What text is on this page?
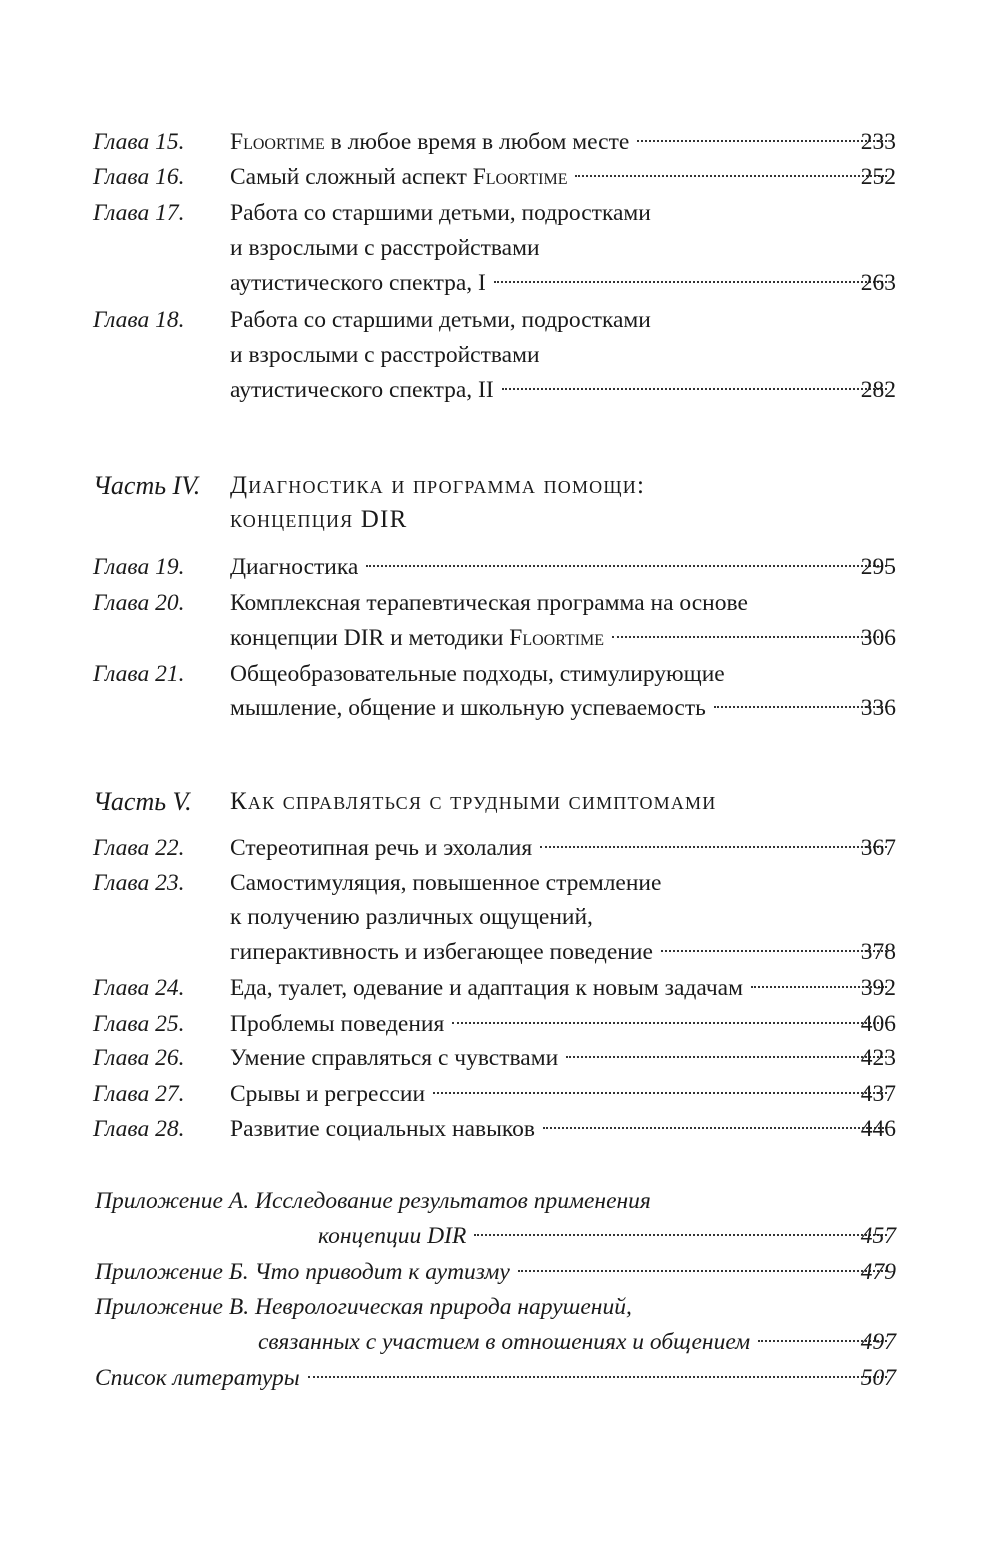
Глава 15. Floortime в любое время в любом месте	233
Глава 16. Самый сложный аспект Floortime	252
Глава 17. Работа со старшими детьми, подростками
и взрослыми с расстройствами
аутистического спектра, I	263
Глава 18. Работа со старшими детьми, подростками
и взрослыми с расстройствами
аутистического спектра, II	282
Часть IV. Диагностика и программа помощи:
концепция DIR
Глава 19. Диагностика	295
Глава 20. Комплексная терапевтическая программа на основе
концепции DIR и методики Floortime	306
Глава 21. Общеобразовательные подходы, стимулирующие
мышление, общение и школьную успеваемость	336
Часть V. Как справляться с трудными симптомами
Глава 22. Стереотипная речь и эхолалия	367
Глава 23. Самостимуляция, повышенное стремление
к получению различных ощущений,
гиперактивность и избегающее поведение	378
Глава 24. Еда, туалет, одевание и адаптация к новым задачам	392
Глава 25. Проблемы поведения	406
Глава 26. Умение справляться с чувствами	423
Глава 27. Срывы и регрессии	437
Глава 28. Развитие социальных навыков	446
Приложение А. Исследование результатов применения
концепции DIR	457
Приложение Б. Что приводит к аутизму	479
Приложение В. Неврологическая природа нарушений,
связанных с участием в отношениях и общением	497
Список литературы	507
